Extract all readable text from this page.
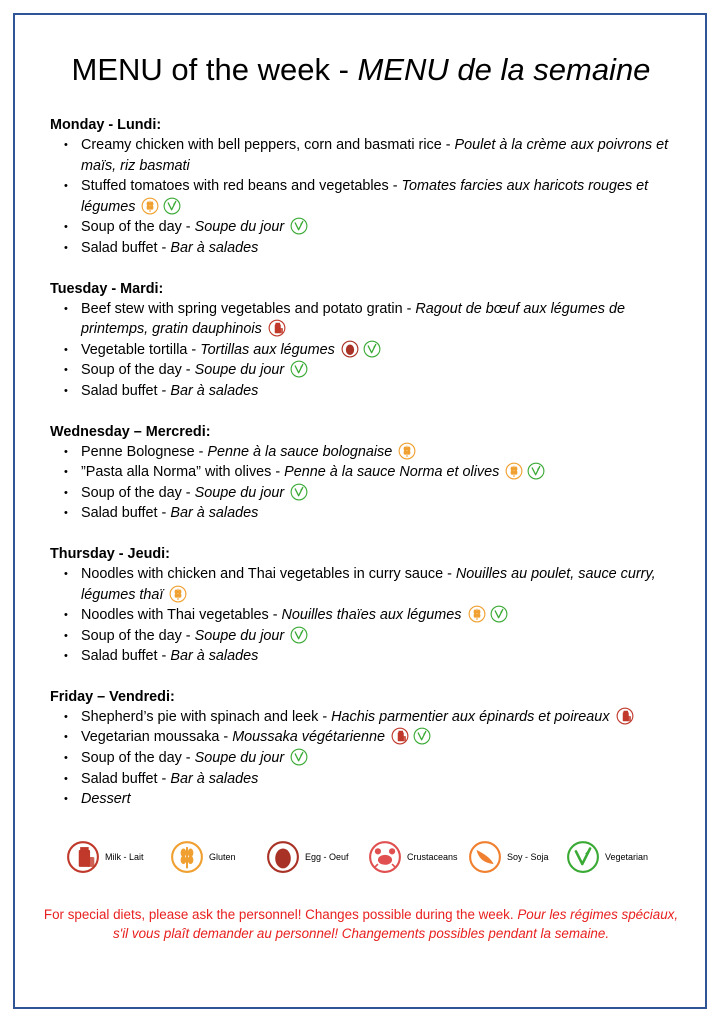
MENU of the week - MENU de la semaine
Monday - Lundi:
• Creamy chicken with bell peppers, corn and basmati rice - Poulet à la crème aux poivrons et maïs, riz basmati
• Stuffed tomatoes with red beans and vegetables - Tomates farcies aux haricots rouges et légumes
• Soup of the day - Soupe du jour
• Salad buffet - Bar à salades
Tuesday - Mardi:
• Beef stew with spring vegetables and potato gratin - Ragout de bœuf aux légumes de printemps, gratin dauphinois
• Vegetable tortilla - Tortillas aux légumes
• Soup of the day - Soupe du jour
• Salad buffet - Bar à salades
Wednesday – Mercredi:
• Penne Bolognese - Penne à la sauce bolognaise
• ”Pasta alla Norma” with olives - Penne à la sauce Norma et olives
• Soup of the day - Soupe du jour
• Salad buffet - Bar à salades
Thursday - Jeudi:
• Noodles with chicken and Thai vegetables in curry sauce - Nouilles au poulet, sauce curry, légumes thaï
• Noodles with Thai vegetables - Nouilles thaïes aux légumes
• Soup of the day - Soupe du jour
• Salad buffet - Bar à salades
Friday – Vendredi:
• Shepherd’s pie with spinach and leek - Hachis parmentier aux épinards et poireaux
• Vegetarian moussaka - Moussaka végétarienne
• Soup of the day - Soupe du jour
• Salad buffet - Bar à salades
• Dessert
Milk - Lait	Gluten	Egg - Oeuf	Crustaceans	Soy - Soja	Vegetarian
For special diets, please ask the personnel! Changes possible during the week. Pour les régimes spéciaux, s'il vous plaît demander au personnel! Changements possibles pendant la semaine.
